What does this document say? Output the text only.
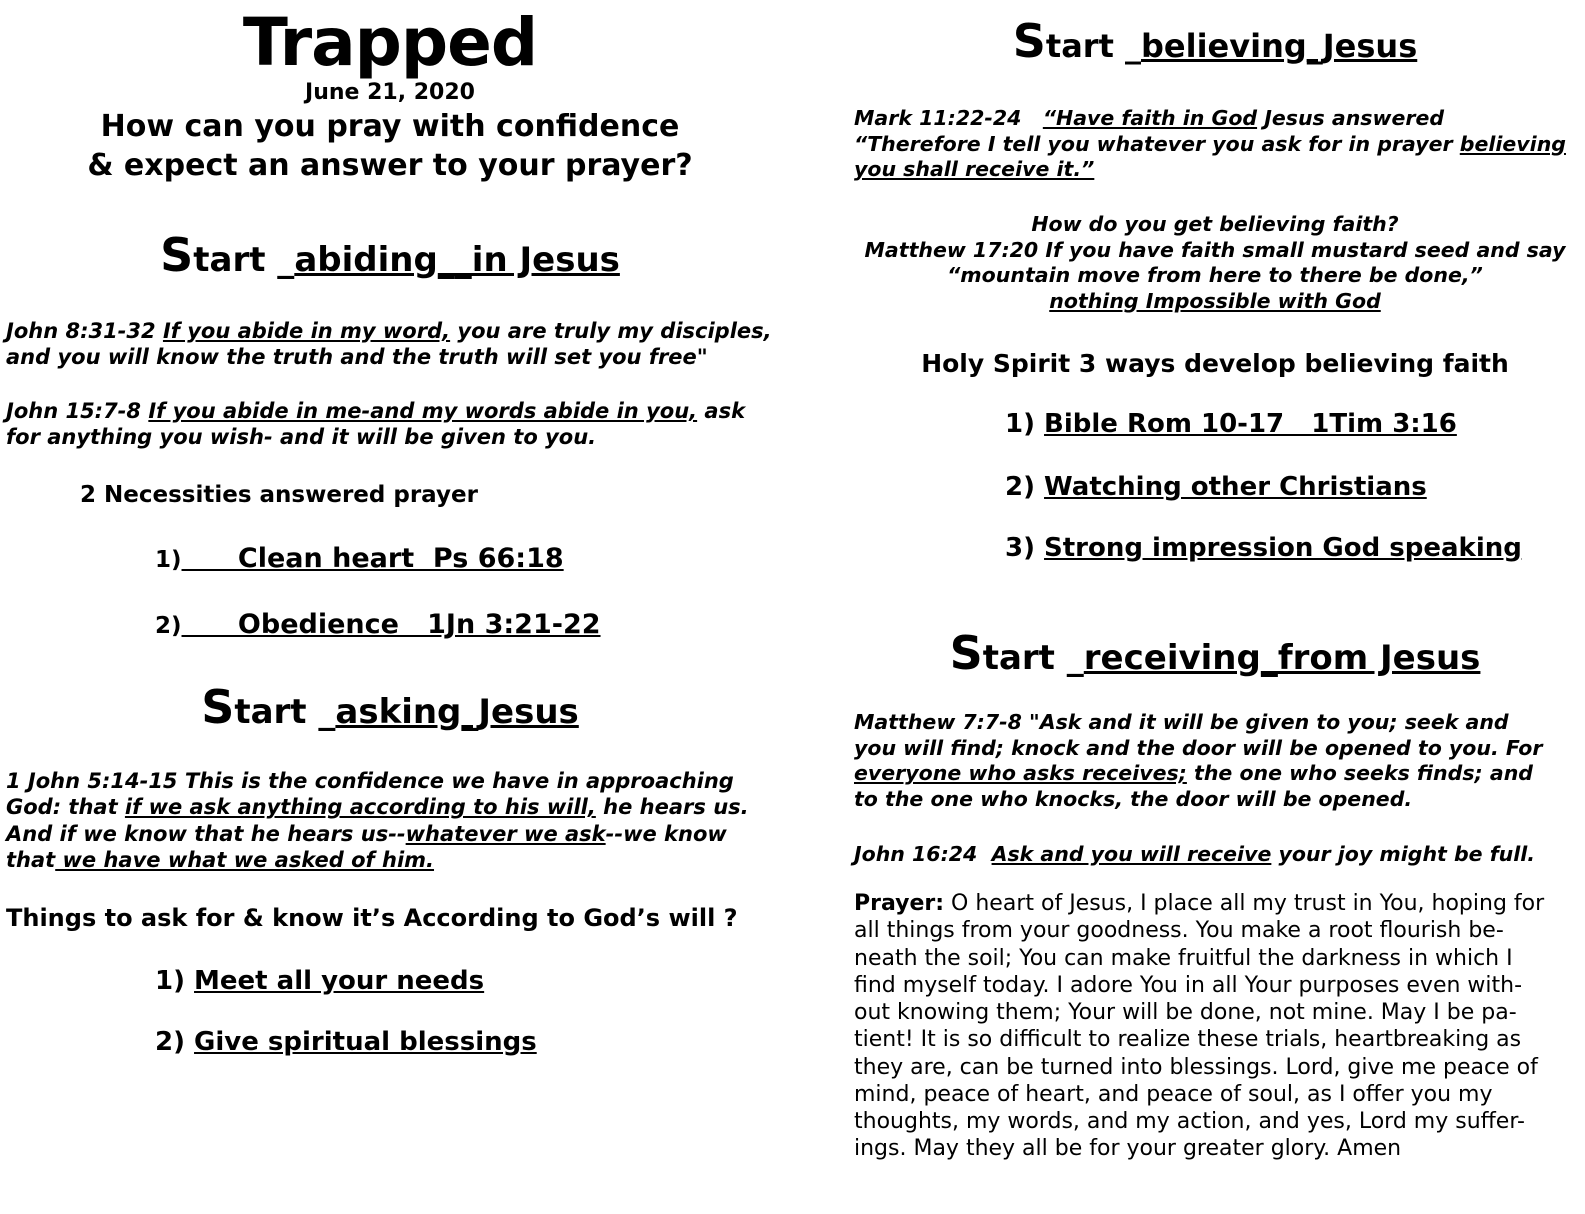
Trapped
June 21, 2020
How can you pray with confidence
& expect an answer to your prayer?
Start _abiding__in Jesus
John 8:31-32 If you abide in my word, you are truly my disciples,
and you will know the truth and the truth will set you free"
John 15:7-8 If you abide in me-and my words abide in you, ask
for anything you wish- and it will be given to you.
2 Necessities answered prayer
1)      Clean heart  Ps 66:18
2)      Obedience   1Jn 3:21-22
Start _asking_Jesus
1 John 5:14-15 This is the confidence we have in approaching
God: that if we ask anything according to his will, he hears us.
And if we know that he hears us--whatever we ask--we know
that we have what we asked of him.
Things to ask for & know it’s According to God’s will ?
1) Meet all your needs
2) Give spiritual blessings
Start _believing_Jesus
Mark 11:22-24   “Have faith in God Jesus answered
“Therefore I tell you whatever you ask for in prayer believing
you shall receive it.”
How do you get believing faith?
Matthew 17:20 If you have faith small mustard seed and say
“mountain move from here to there be done,”
nothing Impossible with God
Holy Spirit 3 ways develop believing faith
1) Bible Rom 10-17   1Tim 3:16
2) Watching other Christians
3) Strong impression God speaking
Start _receiving_from Jesus
Matthew 7:7-8 "Ask and it will be given to you; seek and
you will find; knock and the door will be opened to you. For
everyone who asks receives; the one who seeks finds; and
to the one who knocks, the door will be opened.
John 16:24  Ask and you will receive your joy might be full.
Prayer: O heart of Jesus, I place all my trust in You, hoping for
all things from your goodness. You make a root flourish be-
neath the soil; You can make fruitful the darkness in which I
find myself today. I adore You in all Your purposes even with-
out knowing them; Your will be done, not mine. May I be pa-
tient! It is so difficult to realize these trials, heartbreaking as
they are, can be turned into blessings. Lord, give me peace of
mind, peace of heart, and peace of soul, as I offer you my
thoughts, my words, and my action, and yes, Lord my suffer-
ings. May they all be for your greater glory. Amen
